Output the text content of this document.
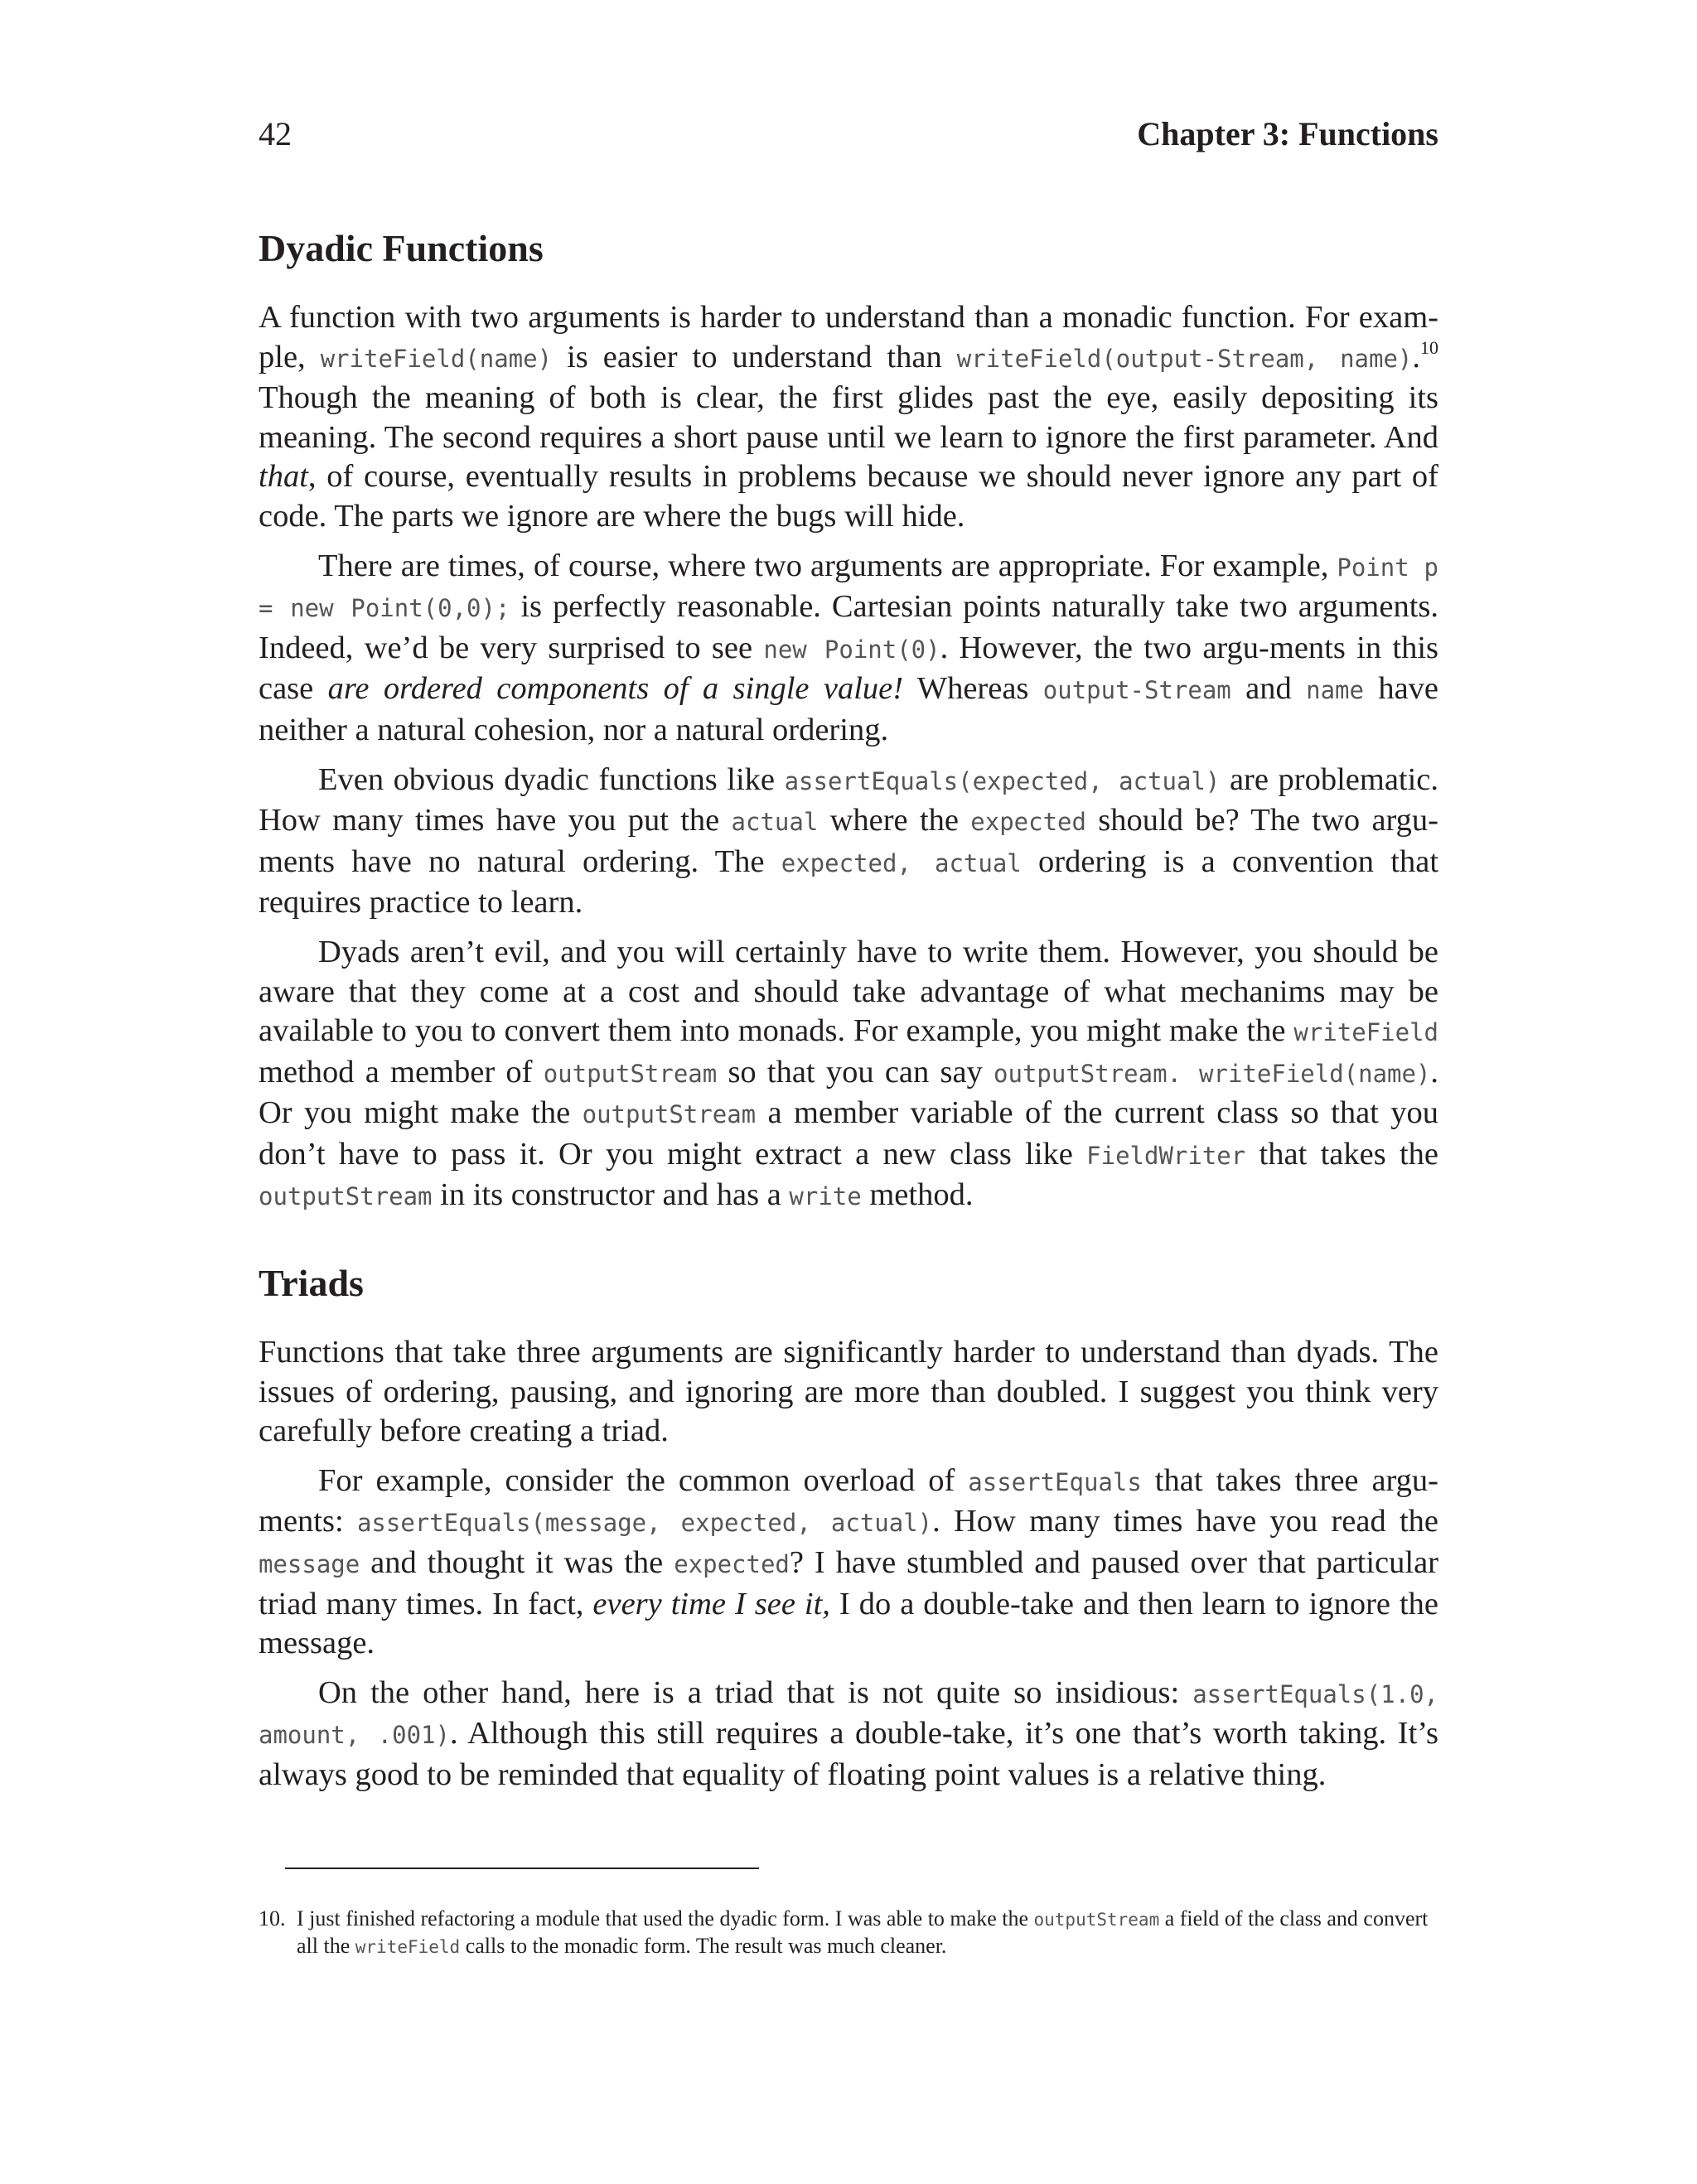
42	Chapter 3: Functions
Dyadic Functions

A function with two arguments is harder to understand than a monadic function. For exam-ple, writeField(name) is easier to understand than writeField(output-Stream, name).$^{10}$ Though the meaning of both is clear, the first glides past the eye, easily depositing its meaning. The second requires a short pause until we learn to ignore the first parameter. And that, of course, eventually results in problems because we should never ignore any part of code. The parts we ignore are where the bugs will hide.

There are times, of course, where two arguments are appropriate. For example, Point p = new Point(0,0); is perfectly reasonable. Cartesian points naturally take two arguments. Indeed, we’d be very surprised to see new Point(0). However, the two argu-ments in this case are ordered components of a single value! Whereas output-Stream and name have neither a natural cohesion, nor a natural ordering.

Even obvious dyadic functions like assertEquals(expected, actual) are problematic. How many times have you put the actual where the expected should be? The two argu-ments have no natural ordering. The expected, actual ordering is a convention that requires practice to learn.

Dyads aren’t evil, and you will certainly have to write them. However, you should be aware that they come at a cost and should take advantage of what mechanims may be available to you to convert them into monads. For example, you might make the writeField method a member of outputStream so that you can say outputStream. writeField(name). Or you might make the outputStream a member variable of the current class so that you don’t have to pass it. Or you might extract a new class like FieldWriter that takes the outputStream in its constructor and has a write method.

Triads

Functions that take three arguments are significantly harder to understand than dyads. The issues of ordering, pausing, and ignoring are more than doubled. I suggest you think very carefully before creating a triad.

For example, consider the common overload of assertEquals that takes three argu-ments: assertEquals(message, expected, actual). How many times have you read the message and thought it was the expected? I have stumbled and paused over that particular triad many times. In fact, every time I see it, I do a double-take and then learn to ignore the message.

On the other hand, here is a triad that is not quite so insidious: assertEquals(1.0, amount, .001). Although this still requires a double-take, it’s one that’s worth taking. It’s always good to be reminded that equality of floating point values is a relative thing.

10. I just finished refactoring a module that used the dyadic form. I was able to make the outputStream a field of the class and convert all the writeField calls to the monadic form. The result was much cleaner.
